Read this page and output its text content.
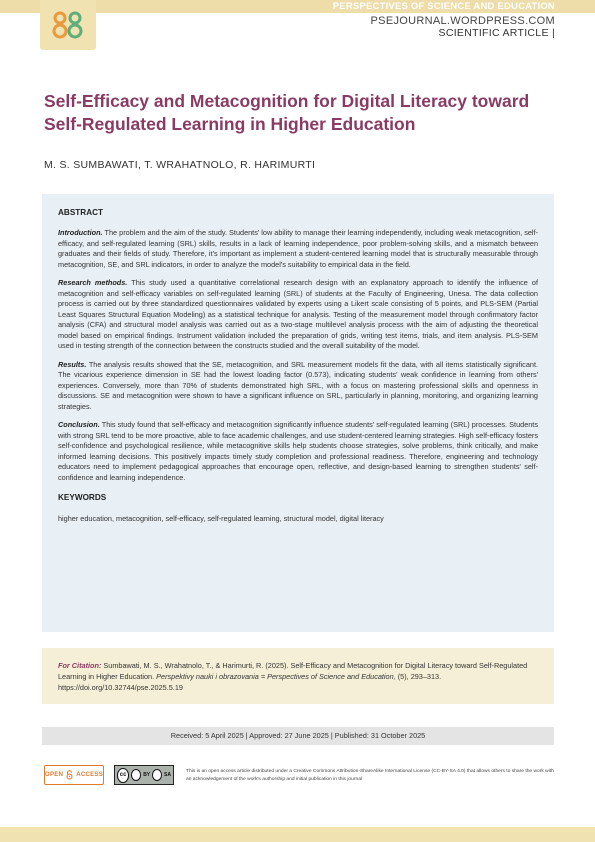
PERSPECTIVES OF SCIENCE AND EDUCATION
PSEJOURNAL.WORDPRESS.COM
SCIENTIFIC ARTICLE |
Self-Efficacy and Metacognition for Digital Literacy toward Self-Regulated Learning in Higher Education
M. S. SUMBAWATI, T. WRAHATNOLO, R. HARIMURTI
ABSTRACT

Introduction. The problem and the aim of the study. Students' low ability to manage their learning independently, including weak metacognition, self-efficacy, and self-regulated learning (SRL) skills, results in a lack of learning independence, poor problem-solving skills, and a mismatch between graduates and their fields of study. Therefore, it's important as implement a student-centered learning model that is structurally measurable through metacognition, SE, and SRL indicators, in order to analyze the model's suitability to empirical data in the field.

Research methods. This study used a quantitative correlational research design with an explanatory approach to identify the influence of metacognition and self-efficacy variables on self-regulated learning (SRL) of students at the Faculty of Engineering, Unesa. The data collection process is carried out by three standardized questionnaires validated by experts using a Likert scale consisting of 5 points, and PLS-SEM (Partial Least Squares Structural Equation Modeling) as a statistical technique for analysis. Testing of the measurement model through confirmatory factor analysis (CFA) and structural model analysis was carried out as a two-stage multilevel analysis process with the aim of adjusting the theoretical model based on empirical findings. Instrument validation included the preparation of grids, writing test items, trials, and item analysis. PLS-SEM used in testing strength of the connection between the constructs studied and the overall suitability of the model.

Results. The analysis results showed that the SE, metacognition, and SRL measurement models fit the data, with all items statistically significant. The vicarious experience dimension in SE had the lowest loading factor (0.573), indicating students' weak confidence in learning from others' experiences. Conversely, more than 70% of students demonstrated high SRL, with a focus on mastering professional skills and openness in discussions. SE and metacognition were shown to have a significant influence on SRL, particularly in planning, monitoring, and organizing learning strategies.

Conclusion. This study found that self-efficacy and metacognition significantly influence students' self-regulated learning (SRL) processes. Students with strong SRL tend to be more proactive, able to face academic challenges, and use student-centered learning strategies. High self-efficacy fosters self-confidence and psychological resilience, while metacognitive skills help students choose strategies, solve problems, think critically, and make informed learning decisions. This positively impacts timely study completion and professional readiness. Therefore, engineering and technology educators need to implement pedagogical approaches that encourage open, reflective, and design-based learning to strengthen students' self-confidence and learning independence.

KEYWORDS

higher education, metacognition, self-efficacy, self-regulated learning, structural model, digital literacy

For Citation: Sumbawati, M. S., Wrahatnolo, T., & Harimurti, R. (2025). Self-Efficacy and Metacognition for Digital Literacy toward Self-Regulated Learning in Higher Education. Perspektivy nauki i obrazovania = Perspectives of Science and Education, (5), 293–313. https://doi.org/10.32744/pse.2025.5.19
Received: 5 April 2025 | Approved: 27 June 2025 | Published: 31 October 2025
OPEN ACCESS	cc	BY	SA
This is an open access article distributed under a Creative Commons Attribution-ShareAlike International License (CC-BY-SA 4.0) that allows others to share the work with an acknowledgement of the work's authorship and initial publication in this journal
